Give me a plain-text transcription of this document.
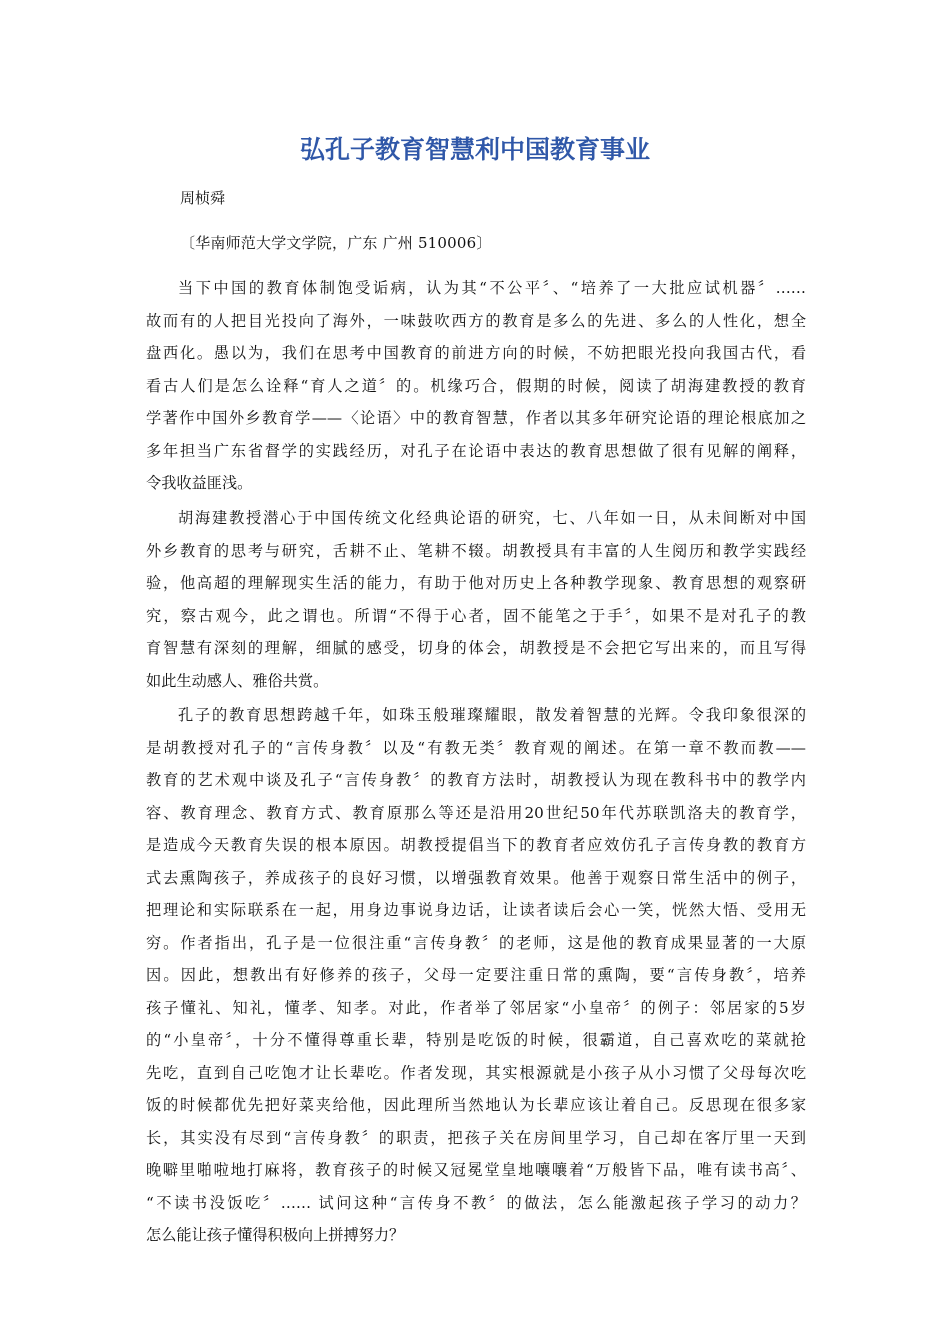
弘孔子教育智慧利中国教育事业

周桢舜

〔华南师范大学文学院，广东 广州 510006〕

当下中国的教育体制饱受诟病，认为其“不公平〞、“培养了一大批应试机器〞……
故而有的人把目光投向了海外，一味鼓吹西方的教育是多么的先进、多么的人性化，想全
盘西化。愚以为，我们在思考中国教育的前进方向的时候，不妨把眼光投向我国古代，看
看古人们是怎么诠释“育人之道〞的。机缘巧合，假期的时候，阅读了胡海建教授的教育
学著作中国外乡教育学——〈论语〉中的教育智慧，作者以其多年研究论语的理论根底加之
多年担当广东省督学的实践经历，对孔子在论语中表达的教育思想做了很有见解的阐释，
令我收益匪浅。
胡海建教授潜心于中国传统文化经典论语的研究，七、八年如一日，从未间断对中国
外乡教育的思考与研究，舌耕不止、笔耕不辍。胡教授具有丰富的人生阅历和教学实践经
验，他高超的理解现实生活的能力，有助于他对历史上各种教学现象、教育思想的观察研
究，察古观今，此之谓也。所谓“不得于心者，固不能笔之于手〞，如果不是对孔子的教
育智慧有深刻的理解，细腻的感受，切身的体会，胡教授是不会把它写出来的，而且写得
如此生动感人、雅俗共赏。
孔子的教育思想跨越千年，如珠玉般璀璨耀眼，散发着智慧的光辉。令我印象很深的
是胡教授对孔子的“言传身教〞以及“有教无类〞教育观的阐述。在第一章不教而教——
教育的艺术观中谈及孔子“言传身教〞的教育方法时，胡教授认为现在教科书中的教学内
容、教育理念、教育方式、教育原那么等还是沿用20世纪50年代苏联凯洛夫的教育学，
是造成今天教育失误的根本原因。胡教授提倡当下的教育者应效仿孔子言传身教的教育方
式去熏陶孩子，养成孩子的良好习惯，以增强教育效果。他善于观察日常生活中的例子，
把理论和实际联系在一起，用身边事说身边话，让读者读后会心一笑，恍然大悟、受用无
穷。作者指出，孔子是一位很注重“言传身教〞的老师，这是他的教育成果显著的一大原
因。因此，想教出有好修养的孩子，父母一定要注重日常的熏陶，要“言传身教〞，培养
孩子懂礼、知礼，懂孝、知孝。对此，作者举了邻居家“小皇帝〞的例子：邻居家的5岁
的“小皇帝〞，十分不懂得尊重长辈，特别是吃饭的时候，很霸道，自己喜欢吃的菜就抢
先吃，直到自己吃饱才让长辈吃。作者发现，其实根源就是小孩子从小习惯了父母每次吃
饭的时候都优先把好菜夹给他，因此理所当然地认为长辈应该让着自己。反思现在很多家
长，其实没有尽到“言传身教〞的职责，把孩子关在房间里学习，自己却在客厅里一天到
晚噼里啪啦地打麻将，教育孩子的时候又冠冕堂皇地嚷嚷着“万般皆下品，唯有读书高〞、
“不读书没饭吃〞…… 试问这种“言传身不教〞的做法，怎么能激起孩子学习的动力？
怎么能让孩子懂得积极向上拼搏努力？
